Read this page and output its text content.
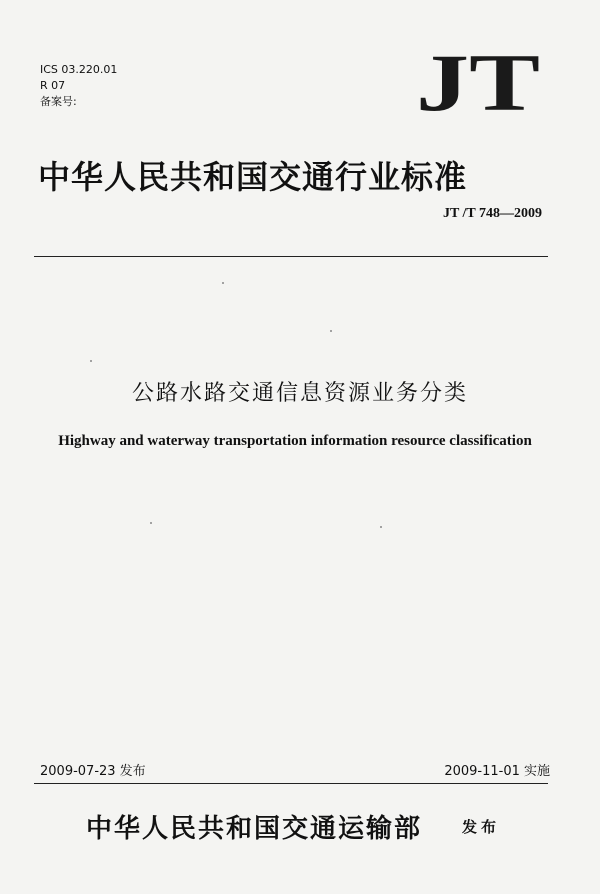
ICS 03.220.01
R 07
备案号:	JT
中华人民共和国交通行业标准
JT /T 748—2009
公路水路交通信息资源业务分类
Highway and waterway transportation information resource classification
2009-07-23 发布	2009-11-01 实施
中华人民共和国交通运输部	发布
